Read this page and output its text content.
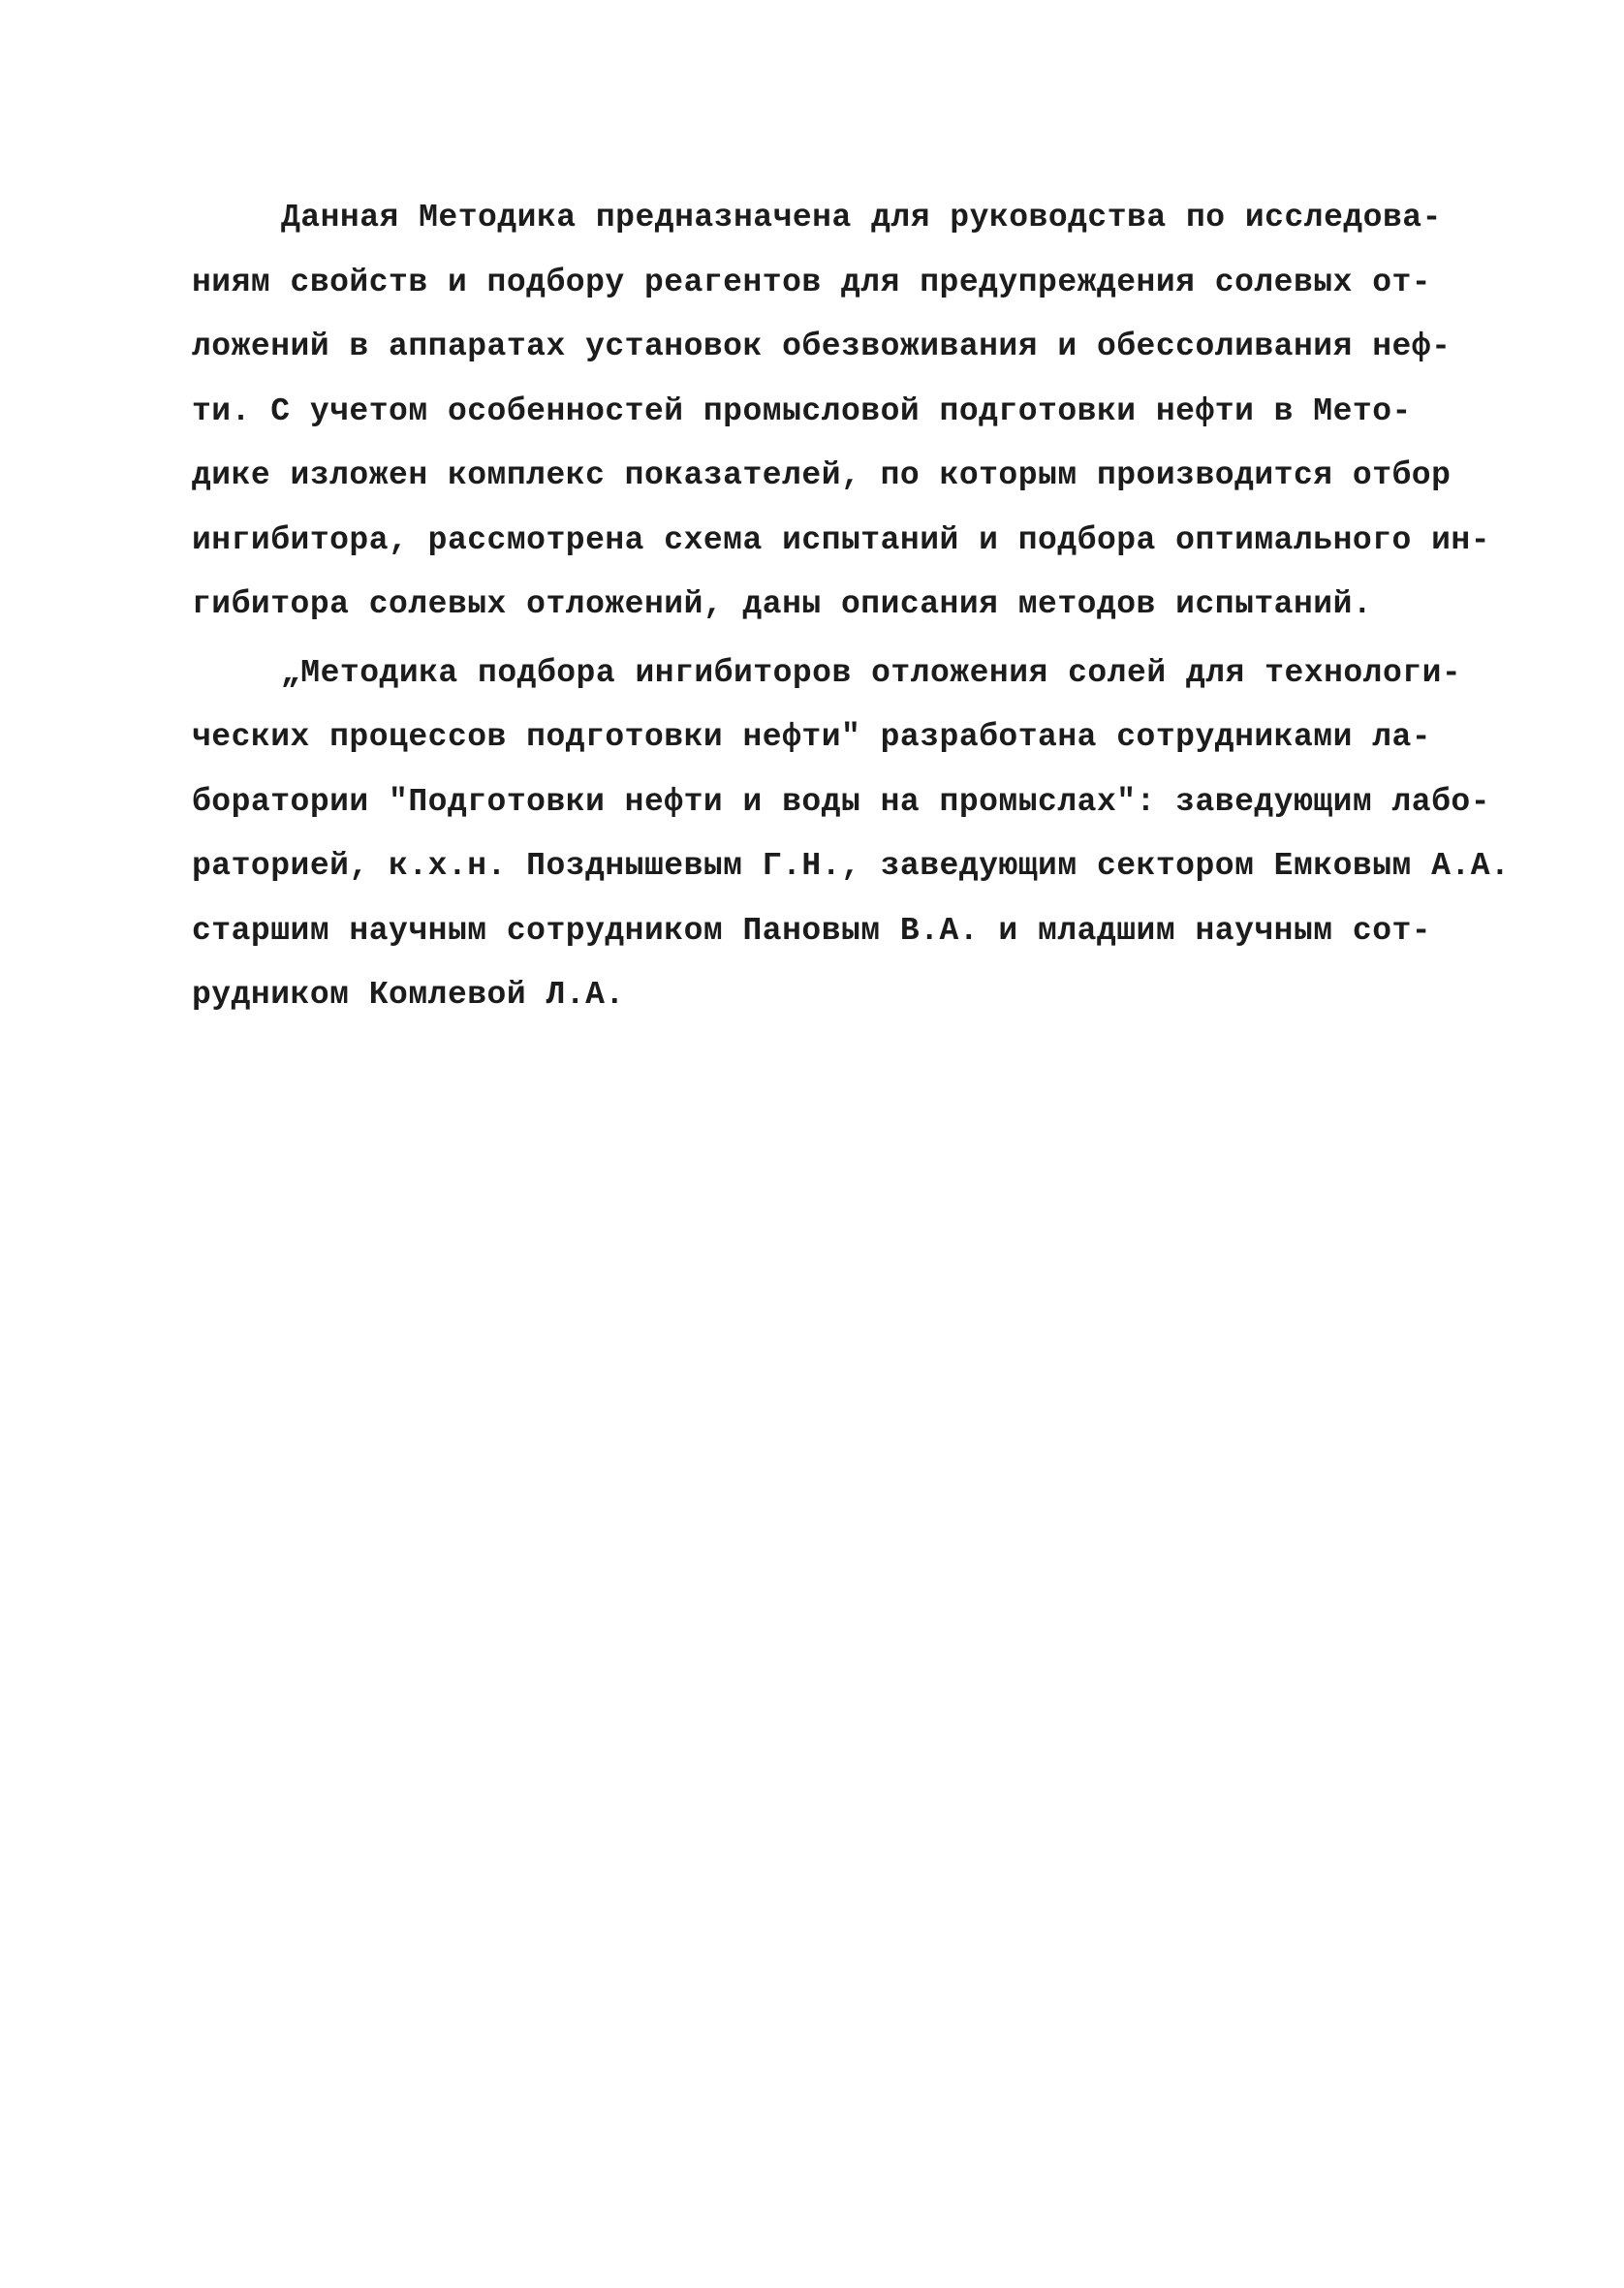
Данная Методика предназначена для руководства по исследова-
ниям свойств и подбору реагентов для предупреждения солевых от-
ложений в аппаратах установок обезвоживания и обессоливания неф-
ти. С учетом особенностей промысловой подготовки нефти в Мето-
дике изложен комплекс показателей, по которым производится отбор
ингибитора, рассмотрена схема испытаний и подбора оптимального ин-
гибитора солевых отложений, даны описания методов испытаний.
„Методика подбора ингибиторов отложения солей для технологи-
ческих процессов подготовки нефти" разработана сотрудниками ла-
боратории "Подготовки нефти и воды на промыслах": заведующим лабо-
раторией, к.х.н. Позднышевым Г.Н., заведующим сектором Емковым А.А.
старшим научным сотрудником Пановым В.А. и младшим научным сот-
рудником Комлевой Л.А.
